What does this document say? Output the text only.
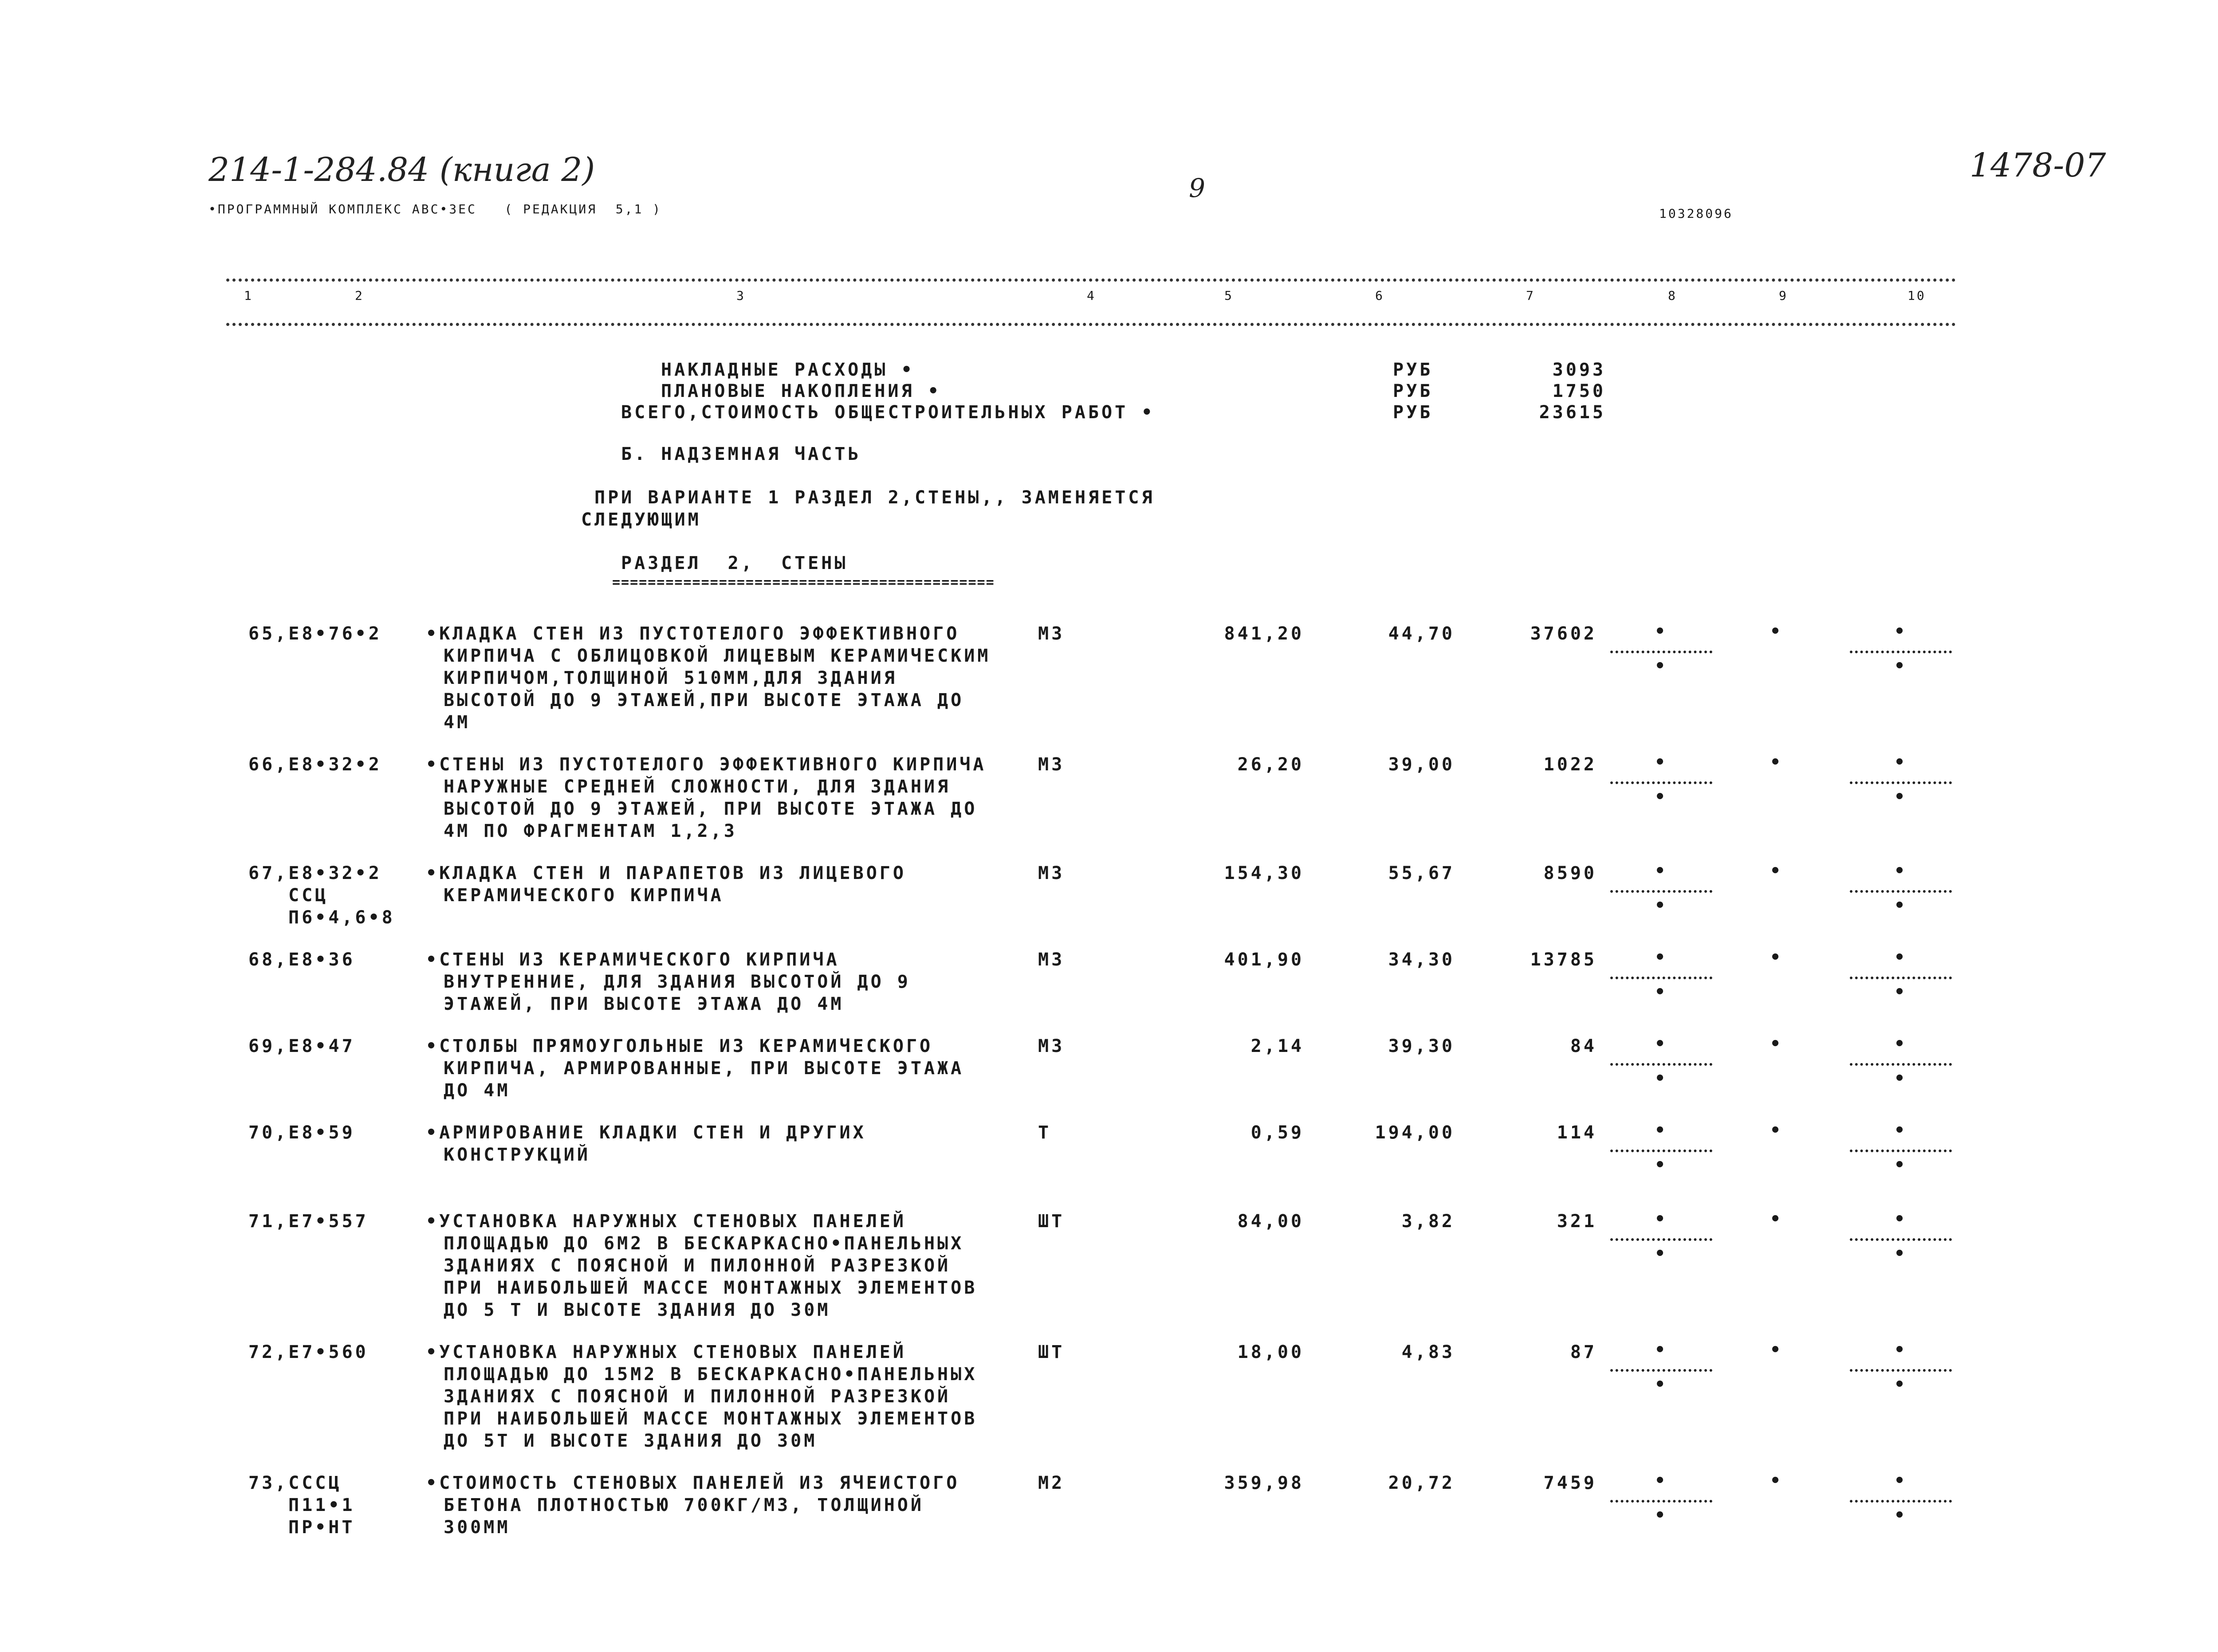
214-1-284.84 (книга 2)	1478-07
9
•ПРОГРАММНЫЙ КОМПЛЕКС АВС•3ЕС   ( РЕДАКЦИЯ  5,1 )	10328096
1	2	3	4	5	6	7	8	9	10
НАКЛАДНЫЕ РАСХОДЫ •	РУБ	3093
ПЛАНОВЫЕ НАКОПЛЕНИЯ •	РУБ	1750
ВСЕГО,СТОИМОСТЬ ОБЩЕСТРОИТЕЛЬНЫХ РАБОТ •	РУБ	23615
Б. НАДЗЕМНАЯ ЧАСТЬ
ПРИ ВАРИАНТЕ 1 РАЗДЕЛ 2,СТЕНЫ,, ЗАМЕНЯЕТСЯ
СЛЕДУЮЩИМ
РАЗДЕЛ  2,  СТЕНЫ
===========================================
65,Е8•76•2 •КЛАДКА СТЕН ИЗ ПУСТОТЕЛОГО ЭФФЕКТИВНОГО
КИРПИЧА С ОБЛИЦОВКОЙ ЛИЦЕВЫМ КЕРАМИЧЕСКИМ
КИРПИЧОМ,ТОЛЩИНОЙ 510ММ,ДЛЯ ЗДАНИЯ
ВЫСОТОЙ ДО 9 ЭТАЖЕЙ,ПРИ ВЫСОТЕ ЭТАЖА ДО
4М
М3	841,20	44,70	37602	•
•
•	•
•
66,Е8•32•2 •СТЕНЫ ИЗ ПУСТОТЕЛОГО ЭФФЕКТИВНОГО КИРПИЧА
НАРУЖНЫЕ СРЕДНЕЙ СЛОЖНОСТИ, ДЛЯ ЗДАНИЯ
ВЫСОТОЙ ДО 9 ЭТАЖЕЙ, ПРИ ВЫСОТЕ ЭТАЖА ДО
4М ПО ФРАГМЕНТАМ 1,2,3
М3	26,20	39,00	1022	•
•
•	•
•
67,Е8•32•2
ССЦ
П6•4,6•8
•КЛАДКА СТЕН И ПАРАПЕТОВ ИЗ ЛИЦЕВОГО
КЕРАМИЧЕСКОГО КИРПИЧА
М3	154,30	55,67	8590	•
•
•	•
•
68,Е8•36	•СТЕНЫ ИЗ КЕРАМИЧЕСКОГО КИРПИЧА
ВНУТРЕННИЕ, ДЛЯ ЗДАНИЯ ВЫСОТОЙ ДО 9
ЭТАЖЕЙ, ПРИ ВЫСОТЕ ЭТАЖА ДО 4М
М3	401,90	34,30	13785	•
•
•	•
•
69,Е8•47	•СТОЛБЫ ПРЯМОУГОЛЬНЫЕ ИЗ КЕРАМИЧЕСКОГО
КИРПИЧА, АРМИРОВАННЫЕ, ПРИ ВЫСОТЕ ЭТАЖА
ДО 4М
М3	2,14	39,30	84	•
•
•	•
•
70,Е8•59	•АРМИРОВАНИЕ КЛАДКИ СТЕН И ДРУГИХ
КОНСТРУКЦИЙ
Т	0,59	194,00	114	•
•
•	•
•
71,Е7•557	•УСТАНОВКА НАРУЖНЫХ СТЕНОВЫХ ПАНЕЛЕЙ
ПЛОЩАДЬЮ ДО 6М2 В БЕСКАРКАСНО•ПАНЕЛЬНЫХ
ЗДАНИЯХ С ПОЯСНОЙ И ПИЛОННОЙ РАЗРЕЗКОЙ
ПРИ НАИБОЛЬШЕЙ МАССЕ МОНТАЖНЫХ ЭЛЕМЕНТОВ
ДО 5 Т И ВЫСОТЕ ЗДАНИЯ ДО 30М
ШТ	84,00	3,82	321	•
•
•	•
•
72,Е7•560	•УСТАНОВКА НАРУЖНЫХ СТЕНОВЫХ ПАНЕЛЕЙ
ПЛОЩАДЬЮ ДО 15М2 В БЕСКАРКАСНО•ПАНЕЛЬНЫХ
ЗДАНИЯХ С ПОЯСНОЙ И ПИЛОННОЙ РАЗРЕЗКОЙ
ПРИ НАИБОЛЬШЕЙ МАССЕ МОНТАЖНЫХ ЭЛЕМЕНТОВ
ДО 5Т И ВЫСОТЕ ЗДАНИЯ ДО 30М
ШТ	18,00	4,83	87	•
•
•	•
•
73,СССЦ
П11•1
ПР•НТ
•СТОИМОСТЬ СТЕНОВЫХ ПАНЕЛЕЙ ИЗ ЯЧЕИСТОГО
БЕТОНА ПЛОТНОСТЬЮ 700КГ/М3, ТОЛЩИНОЙ
300ММ
М2	359,98	20,72	7459	•
•
•	•
•
